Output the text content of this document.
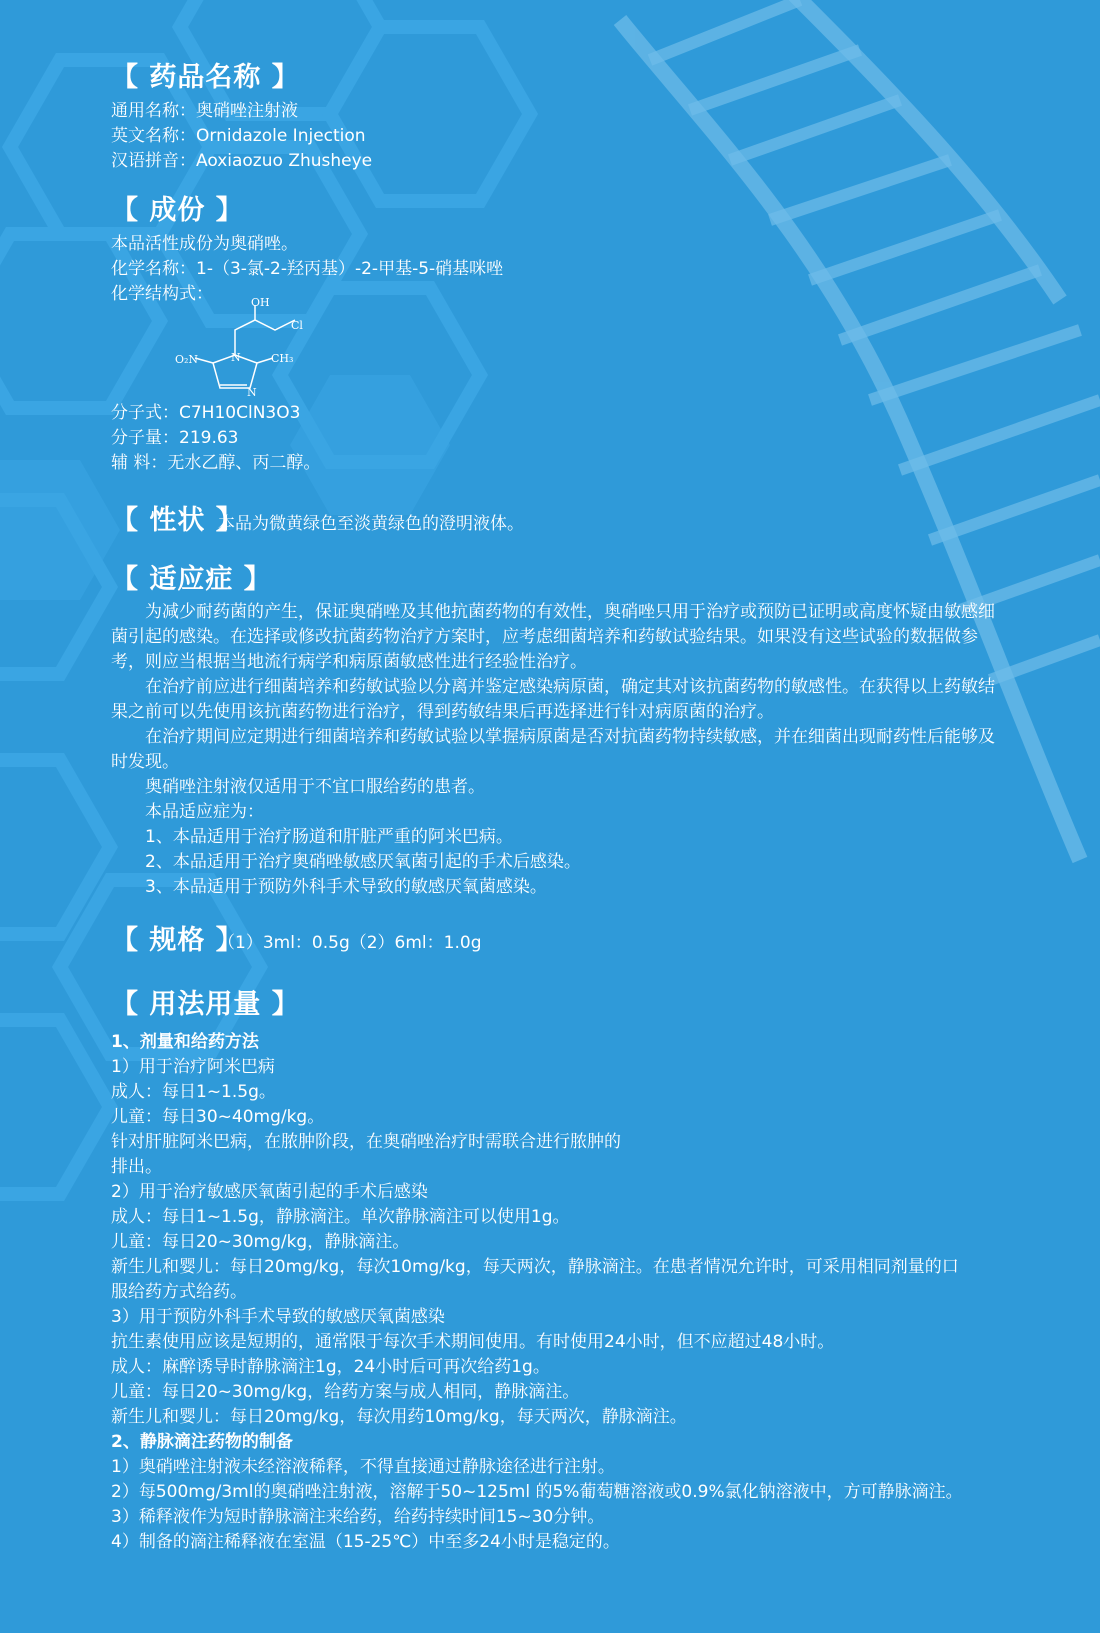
【 药品名称 】
通用名称：奥硝唑注射液
英文名称：Ornidazole Injection
汉语拼音：Aoxiaozuo Zhusheye
【 成份 】
本品活性成份为奥硝唑。
化学名称：1-（3-氯-2-羟丙基）-2-甲基-5-硝基咪唑
化学结构式：	OH
Cl
O₂N	N
N
CH₃
分子式：C7H10ClN3O3
分子量：219.63
辅 料：无水乙醇、丙二醇。
【 性状 】
本品为微黄绿色至淡黄绿色的澄明液体。
【 适应症 】
为减少耐药菌的产生，保证奥硝唑及其他抗菌药物的有效性，奥硝唑只用于治疗或预防已证明或高度怀疑由敏感细菌引起的感染。在选择或修改抗菌药物治疗方案时，应考虑细菌培养和药敏试验结果。如果没有这些试验的数据做参考，则应当根据当地流行病学和病原菌敏感性进行经验性治疗。
在治疗前应进行细菌培养和药敏试验以分离并鉴定感染病原菌，确定其对该抗菌药物的敏感性。在获得以上药敏结果之前可以先使用该抗菌药物进行治疗，得到药敏结果后再选择进行针对病原菌的治疗。
在治疗期间应定期进行细菌培养和药敏试验以掌握病原菌是否对抗菌药物持续敏感，并在细菌出现耐药性后能够及时发现。
奥硝唑注射液仅适用于不宜口服给药的患者。
本品适应症为：
1、本品适用于治疗肠道和肝脏严重的阿米巴病。
2、本品适用于治疗奥硝唑敏感厌氧菌引起的手术后感染。
3、本品适用于预防外科手术导致的敏感厌氧菌感染。
【 规格 】
（1）3ml：0.5g（2）6ml：1.0g
【 用法用量 】
1、剂量和给药方法
1）用于治疗阿米巴病
成人：每日1~1.5g。
儿童：每日30~40mg/kg。
针对肝脏阿米巴病，在脓肿阶段，在奥硝唑治疗时需联合进行脓肿的
排出。
2）用于治疗敏感厌氧菌引起的手术后感染
成人：每日1~1.5g，静脉滴注。单次静脉滴注可以使用1g。
儿童：每日20~30mg/kg，静脉滴注。
新生儿和婴儿：每日20mg/kg，每次10mg/kg，每天两次，静脉滴注。在患者情况允许时，可采用相同剂量的口
服给药方式给药。
3）用于预防外科手术导致的敏感厌氧菌感染
抗生素使用应该是短期的，通常限于每次手术期间使用。有时使用24小时，但不应超过48小时。
成人：麻醉诱导时静脉滴注1g，24小时后可再次给药1g。
儿童：每日20~30mg/kg，给药方案与成人相同，静脉滴注。
新生儿和婴儿：每日20mg/kg，每次用药10mg/kg，每天两次，静脉滴注。
2、静脉滴注药物的制备
1）奥硝唑注射液未经溶液稀释，不得直接通过静脉途径进行注射。
2）每500mg/3ml的奥硝唑注射液，溶解于50~125ml 的5%葡萄糖溶液或0.9%氯化钠溶液中，方可静脉滴注。
3）稀释液作为短时静脉滴注来给药，给药持续时间15~30分钟。
4）制备的滴注稀释液在室温（15-25℃）中至多24小时是稳定的。
